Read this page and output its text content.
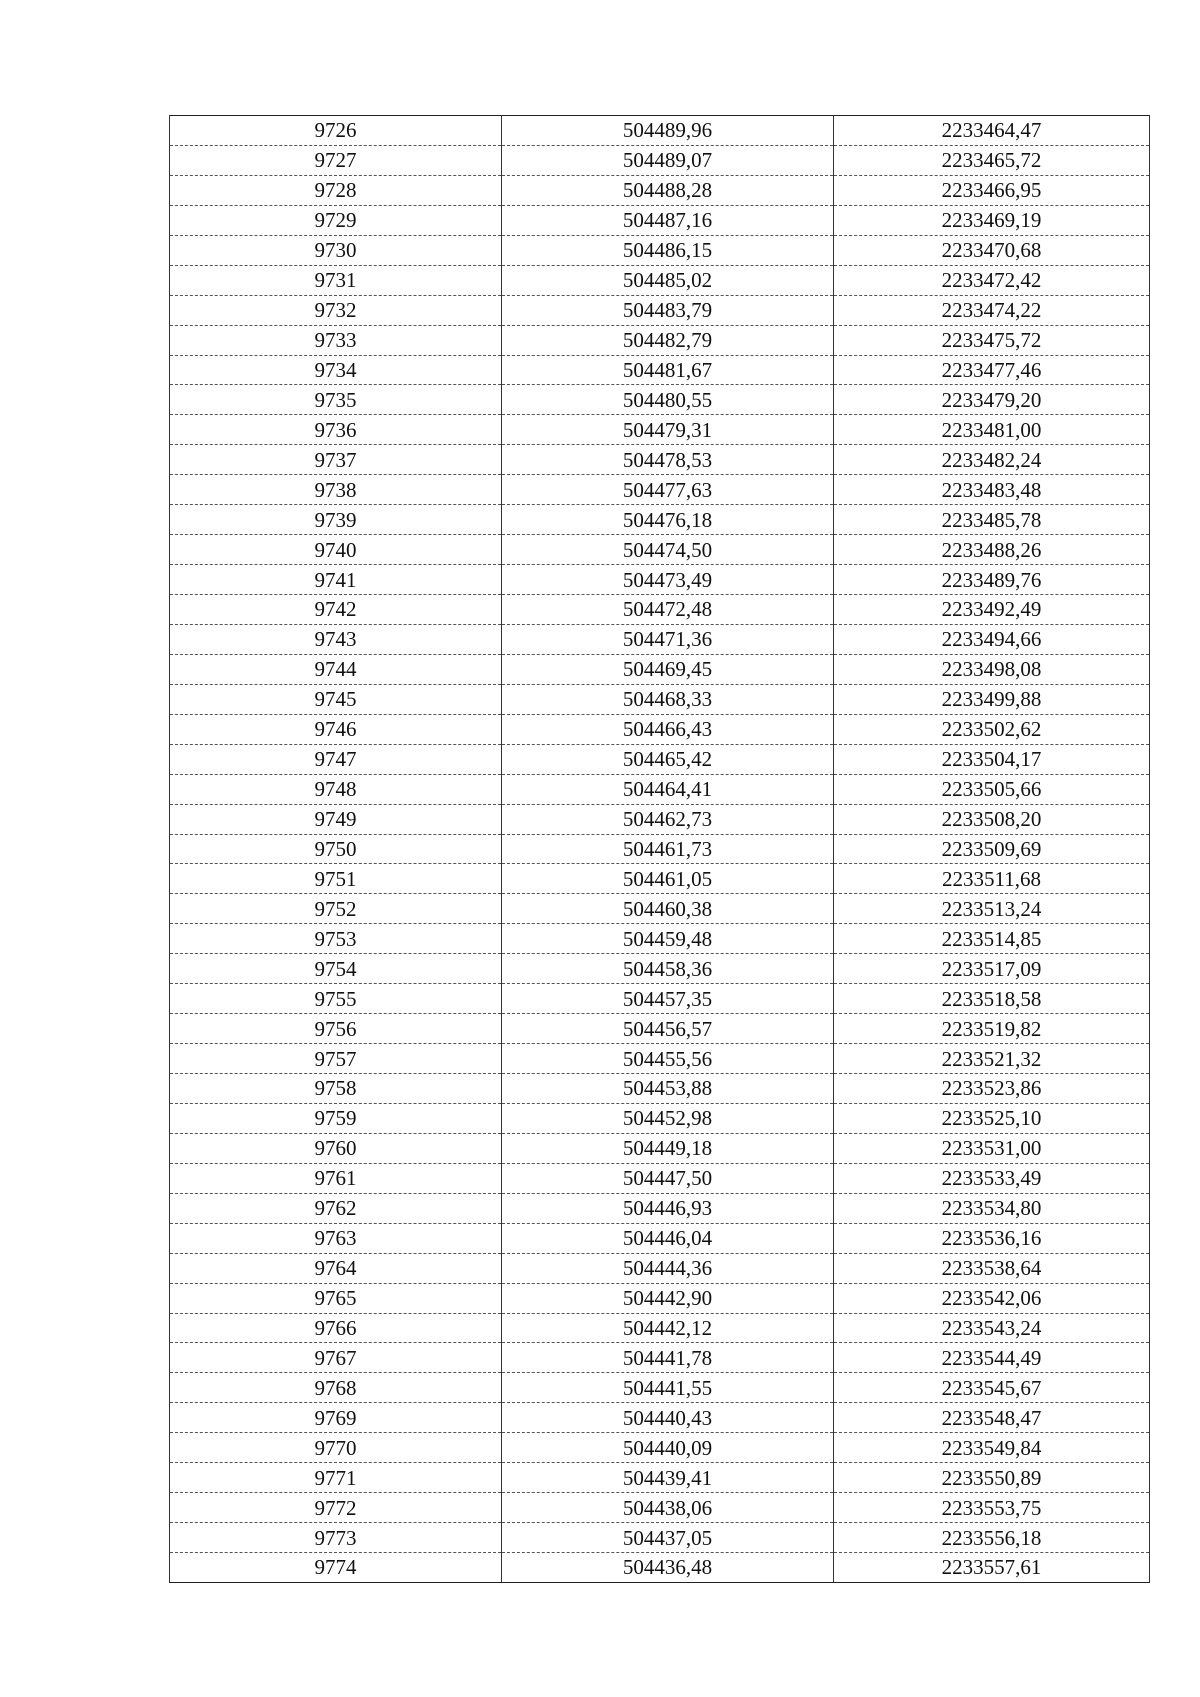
9726	504489,96	2233464,47
9727	504489,07	2233465,72
9728	504488,28	2233466,95
9729	504487,16	2233469,19
9730	504486,15	2233470,68
9731	504485,02	2233472,42
9732	504483,79	2233474,22
9733	504482,79	2233475,72
9734	504481,67	2233477,46
9735	504480,55	2233479,20
9736	504479,31	2233481,00
9737	504478,53	2233482,24
9738	504477,63	2233483,48
9739	504476,18	2233485,78
9740	504474,50	2233488,26
9741	504473,49	2233489,76
9742	504472,48	2233492,49
9743	504471,36	2233494,66
9744	504469,45	2233498,08
9745	504468,33	2233499,88
9746	504466,43	2233502,62
9747	504465,42	2233504,17
9748	504464,41	2233505,66
9749	504462,73	2233508,20
9750	504461,73	2233509,69
9751	504461,05	2233511,68
9752	504460,38	2233513,24
9753	504459,48	2233514,85
9754	504458,36	2233517,09
9755	504457,35	2233518,58
9756	504456,57	2233519,82
9757	504455,56	2233521,32
9758	504453,88	2233523,86
9759	504452,98	2233525,10
9760	504449,18	2233531,00
9761	504447,50	2233533,49
9762	504446,93	2233534,80
9763	504446,04	2233536,16
9764	504444,36	2233538,64
9765	504442,90	2233542,06
9766	504442,12	2233543,24
9767	504441,78	2233544,49
9768	504441,55	2233545,67
9769	504440,43	2233548,47
9770	504440,09	2233549,84
9771	504439,41	2233550,89
9772	504438,06	2233553,75
9773	504437,05	2233556,18
9774	504436,48	2233557,61
